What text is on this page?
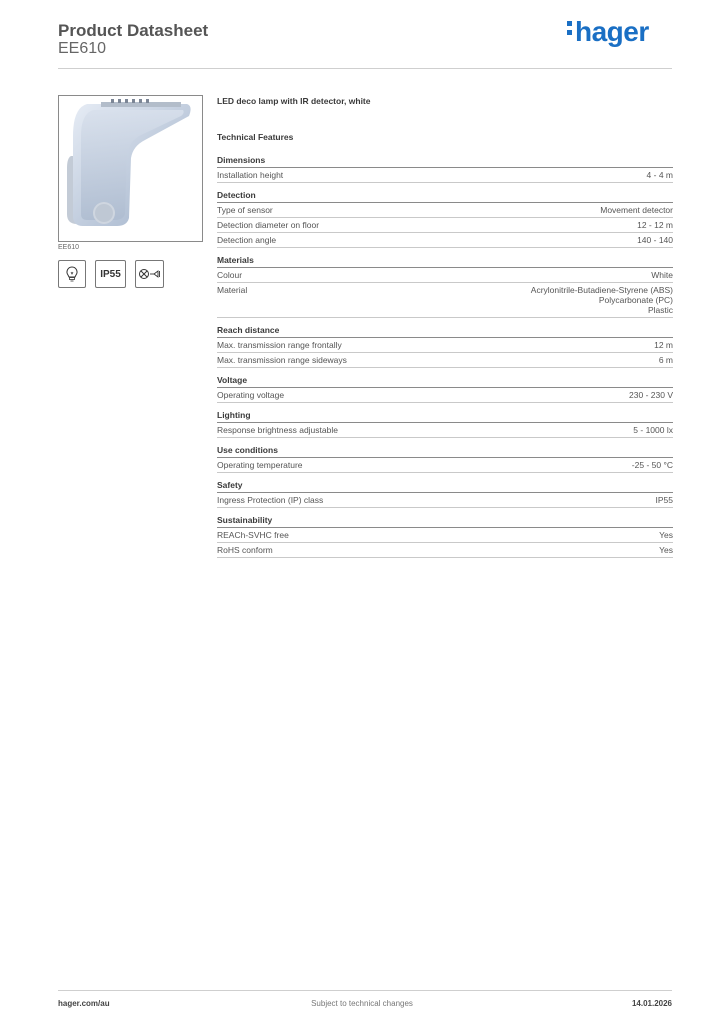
Product Datasheet
EE610
hager
EE610
IP55
LED deco lamp with IR detector, white
Technical Features
Dimensions
Installation height	4 - 4 m
Detection
Type of sensor	Movement detector
Detection diameter on floor	12 - 12 m
Detection angle	140 - 140
Materials
Colour	White
Material	Acrylonitrile-Butadiene-Styrene (ABS)
Polycarbonate (PC)
Plastic
Reach distance
Max. transmission range frontally	12 m
Max. transmission range sideways	6 m
Voltage
Operating voltage	230 - 230 V
Lighting
Response brightness adjustable	5 - 1000 lx
Use conditions
Operating temperature	-25 - 50 °C
Safety
Ingress Protection (IP) class	IP55
Sustainability
REACh-SVHC free	Yes
RoHS conform	Yes
hager.com/au	Subject to technical changes	14.01.2026
